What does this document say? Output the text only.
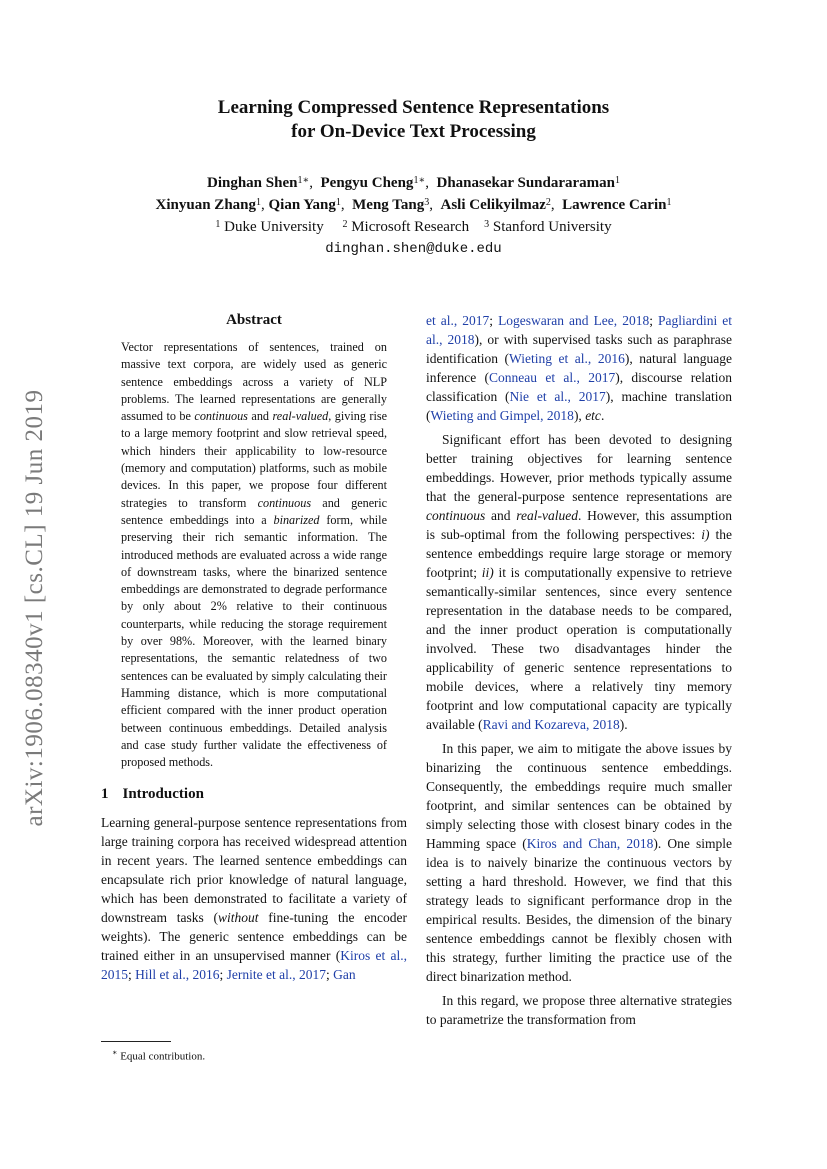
Learning Compressed Sentence Representations
for On-Device Text Processing
Dinghan Shen$^{1∗}$,  Pengyu Cheng$^{1∗}$,  Dhanasekar Sundararaman$^1$
Xinyuan Zhang$^1$, Qian Yang$^1$,  Meng Tang$^3$,  Asli Celikyilmaz$^2$,  Lawrence Carin$^1$
$^1$ Duke University $^2$ Microsoft Research $^3$ Stanford University
dinghan.shen@duke.edu
arXiv:1906.08340v1 [cs.CL] 19 Jun 2019
Abstract
Vector representations of sentences, trained on massive text corpora, are widely used as generic sentence embeddings across a variety of NLP problems. The learned representations are generally assumed to be continuous and real-valued, giving rise to a large memory footprint and slow retrieval speed, which hinders their applicability to low-resource (memory and computation) platforms, such as mobile devices. In this paper, we propose four different strategies to transform continuous and generic sentence embeddings into a binarized form, while preserving their rich semantic information. The introduced methods are evaluated across a wide range of downstream tasks, where the binarized sentence embeddings are demonstrated to degrade performance by only about 2% relative to their continuous counterparts, while reducing the storage requirement by over 98%. Moreover, with the learned binary representations, the semantic relatedness of two sentences can be evaluated by simply calculating their Hamming distance, which is more computational efficient compared with the inner product operation between continuous embeddings. Detailed analysis and case study further validate the effectiveness of proposed methods.
1 Introduction

Learning general-purpose sentence representations from large training corpora has received widespread attention in recent years. The learned sentence embeddings can encapsulate rich prior knowledge of natural language, which has been demonstrated to facilitate a variety of downstream tasks (without fine-tuning the encoder weights). The generic sentence embeddings can be trained either in an unsupervised manner (Kiros et al., 2015; Hill et al., 2016; Jernite et al., 2017; Gan

et al., 2017; Logeswaran and Lee, 2018; Pagliardini et al., 2018), or with supervised tasks such as paraphrase identification (Wieting et al., 2016), natural language inference (Conneau et al., 2017), discourse relation classification (Nie et al., 2017), machine translation (Wieting and Gimpel, 2018), etc.

Significant effort has been devoted to designing better training objectives for learning sentence embeddings. However, prior methods typically assume that the general-purpose sentence representations are continuous and real-valued. However, this assumption is sub-optimal from the following perspectives: i) the sentence embeddings require large storage or memory footprint; ii) it is computationally expensive to retrieve semantically-similar sentences, since every sentence representation in the database needs to be compared, and the inner product operation is computationally involved. These two disadvantages hinder the applicability of generic sentence representations to mobile devices, where a relatively tiny memory footprint and low computational capacity are typically available (Ravi and Kozareva, 2018).

In this paper, we aim to mitigate the above issues by binarizing the continuous sentence embeddings. Consequently, the embeddings require much smaller footprint, and similar sentences can be obtained by simply selecting those with closest binary codes in the Hamming space (Kiros and Chan, 2018). One simple idea is to naively binarize the continuous vectors by setting a hard threshold. However, we find that this strategy leads to significant performance drop in the empirical results. Besides, the dimension of the binary sentence embeddings cannot be flexibly chosen with this strategy, further limiting the practice use of the direct binarization method.

In this regard, we propose three alternative strategies to parametrize the transformation from

∗ Equal contribution.
